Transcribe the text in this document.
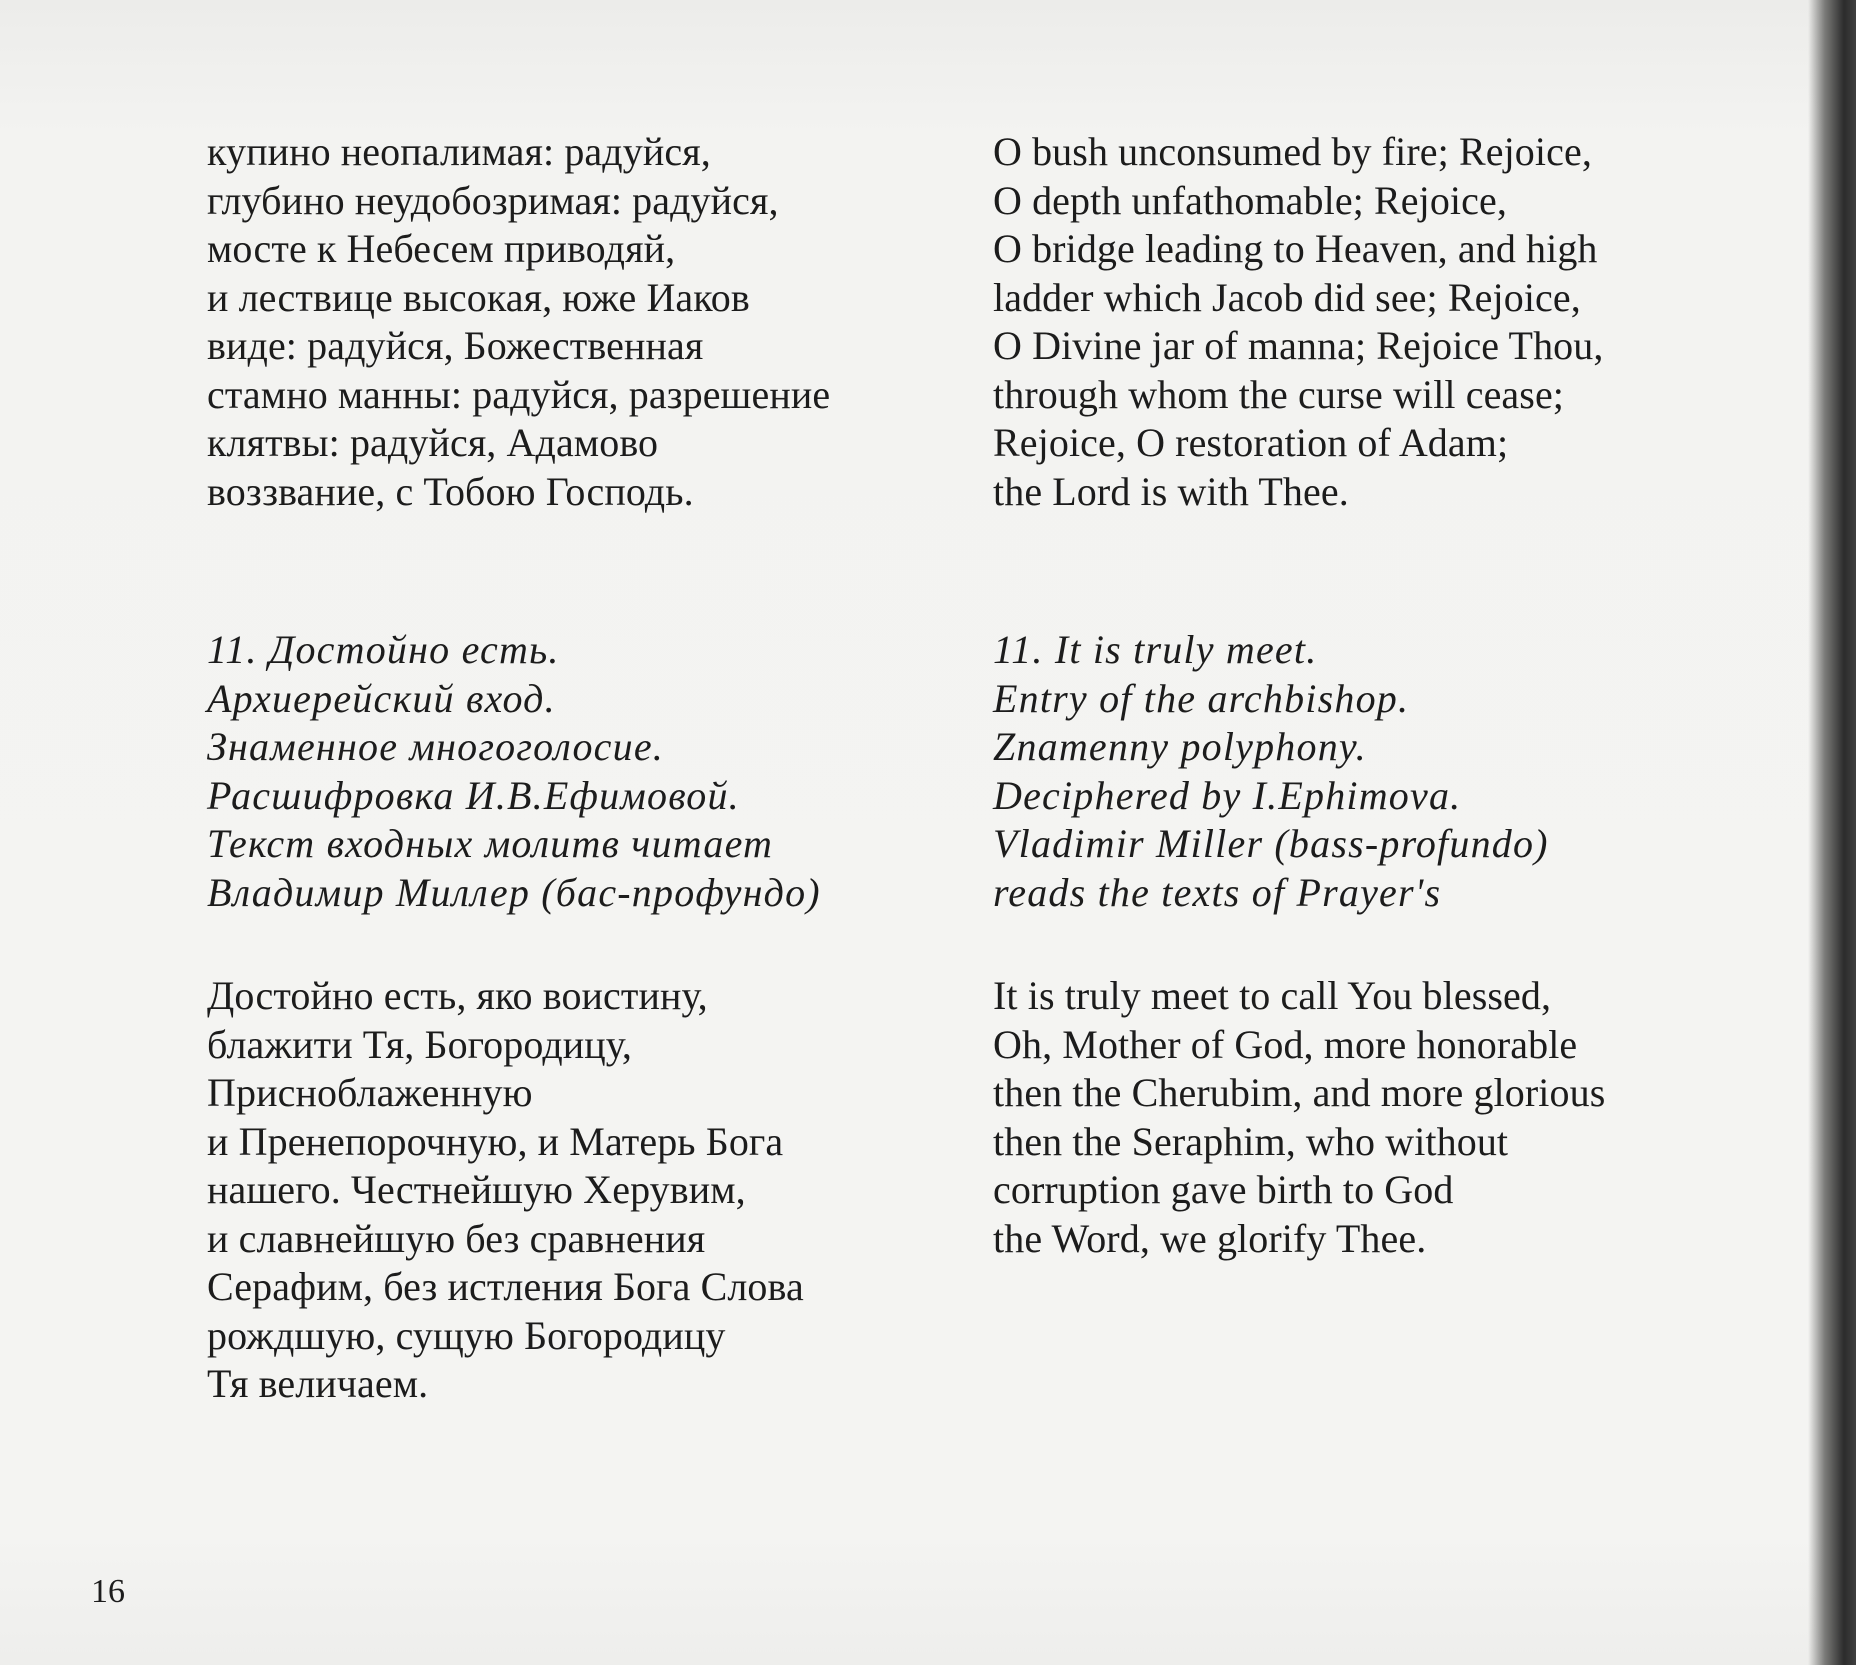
купино неопалимая: радуйся,
глубино неудобозримая: радуйся,
мосте к Небесем приводяй,
и лествице высокая, юже Иаков
виде: радуйся, Божественная
стамно манны: радуйся, разрешение
клятвы: радуйся, Адамово
воззвание, с Тобою Господь.
11. Достойно есть.
Архиерейский вход.
Знаменное многоголосие.
Расшифровка И.В.Ефимовой.
Текст входных молитв читает
Владимир Миллер (бас-профундо)
Достойно есть, яко воистину,
блажити Тя, Богородицу,
Присноблаженную
и Пренепорочную, и Матерь Бога
нашего. Честнейшую Херувим,
и славнейшую без сравнения
Серафим, без истления Бога Слова
рождшую, сущую Богородицу
Тя величаем.
O bush unconsumed by fire; Rejoice,
O depth unfathomable; Rejoice,
O bridge leading to Heaven, and high
ladder which Jacob did see; Rejoice,
O Divine jar of manna; Rejoice Thou,
through whom the curse will cease;
Rejoice, O restoration of Adam;
the Lord is with Thee.
11. It is truly meet.
Entry of the archbishop.
Znamenny polyphony.
Deciphered by I.Ephimova.
Vladimir Miller (bass-profundo)
reads the texts of Prayer's
It is truly meet to call You blessed,
Oh, Mother of God, more honorable
then the Cherubim, and more glorious
then the Seraphim, who without
corruption gave birth to God
the Word, we glorify Thee.
16
